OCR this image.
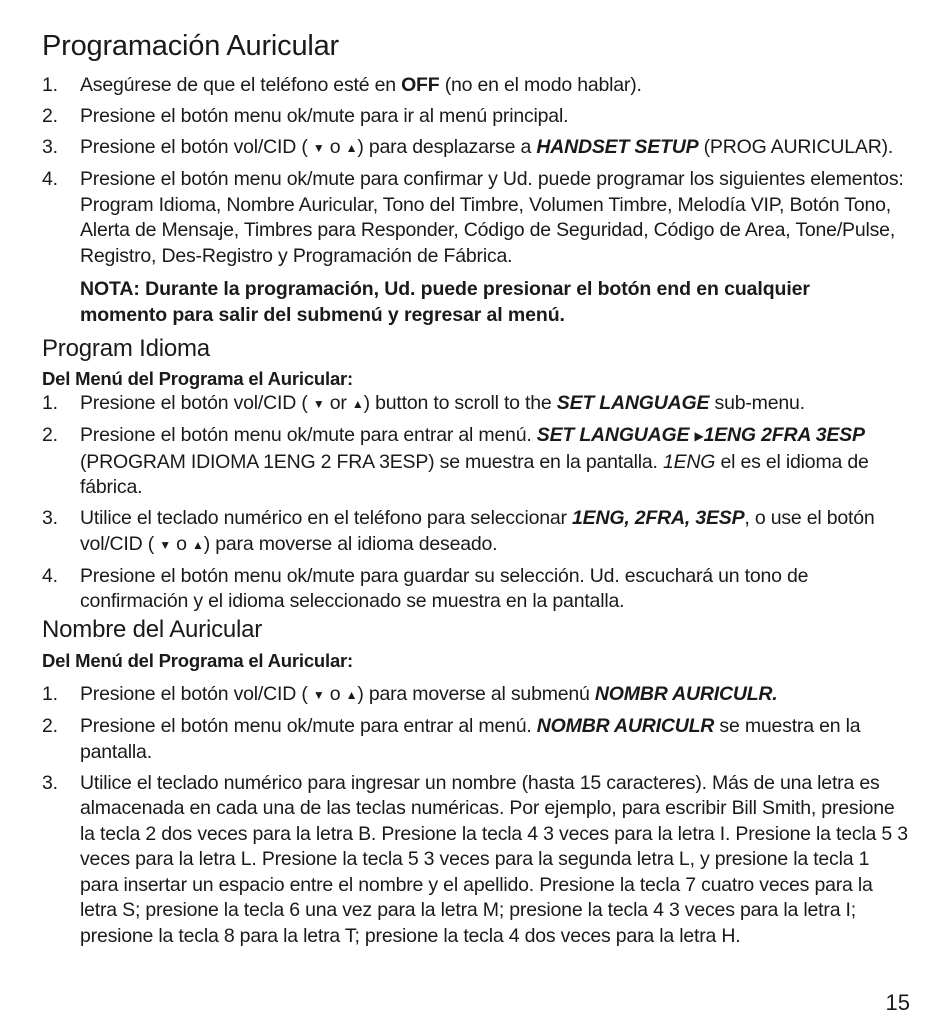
Programación Auricular
1. Asegúrese de que el teléfono esté en OFF (no en el modo hablar).
2. Presione el botón menu ok/mute para ir al menú principal.
3. Presione el botón vol/CID ( ▼ o ▲) para desplazarse a HANDSET SETUP (PROG AURICULAR).
4. Presione el botón menu ok/mute para confirmar y Ud. puede programar los siguientes elementos: Program Idioma, Nombre Auricular, Tono del Timbre, Volumen Timbre, Melodía VIP, Botón Tono, Alerta de Mensaje, Timbres para Responder, Código de Seguridad, Código de Area, Tone/Pulse, Registro, Des-Registro y Programación de Fábrica.

NOTA: Durante la programación, Ud. puede presionar el botón end en cualquier momento para salir del submenú y regresar al menú.

Program Idioma

Del Menú del Programa el Auricular:

1. Presione el botón vol/CID ( ▼ or ▲) button to scroll to the SET LANGUAGE sub-menu.
2. Presione el botón menu ok/mute para entrar al menú. SET LANGUAGE ▶1ENG 2FRA 3ESP (PROGRAM IDIOMA 1ENG 2 FRA 3ESP) se muestra en la pantalla. 1ENG el es el idioma de fábrica.
3. Utilice el teclado numérico en el teléfono para seleccionar 1ENG, 2FRA, 3ESP, o use el botón vol/CID ( ▼ o ▲) para moverse al idioma deseado.
4. Presione el botón menu ok/mute para guardar su selección. Ud. escuchará un tono de confirmación y el idioma seleccionado se muestra en la pantalla.
Nombre del Auricular

Del Menú del Programa el Auricular:

1. Presione el botón vol/CID ( ▼ o ▲) para moverse al submenú NOMBR AURICULR.
2. Presione el botón menu ok/mute para entrar al menú. NOMBR AURICULR se muestra en la pantalla.
3. Utilice el teclado numérico para ingresar un nombre (hasta 15 caracteres). Más de una letra es almacenada en cada una de las teclas numéricas. Por ejemplo, para escribir Bill Smith, presione la tecla 2 dos veces para la letra B. Presione la tecla 4 3 veces para la letra I. Presione la tecla 5 3 veces para la letra L. Presione la tecla 5 3 veces para la segunda letra L, y presione la tecla 1 para insertar un espacio entre el nombre y el apellido. Presione la tecla 7 cuatro veces para la letra S; presione la tecla 6 una vez para la letra M; presione la tecla 4 3 veces para la letra I; presione la tecla 8 para la letra T; presione la tecla 4 dos veces para la letra H.
15
